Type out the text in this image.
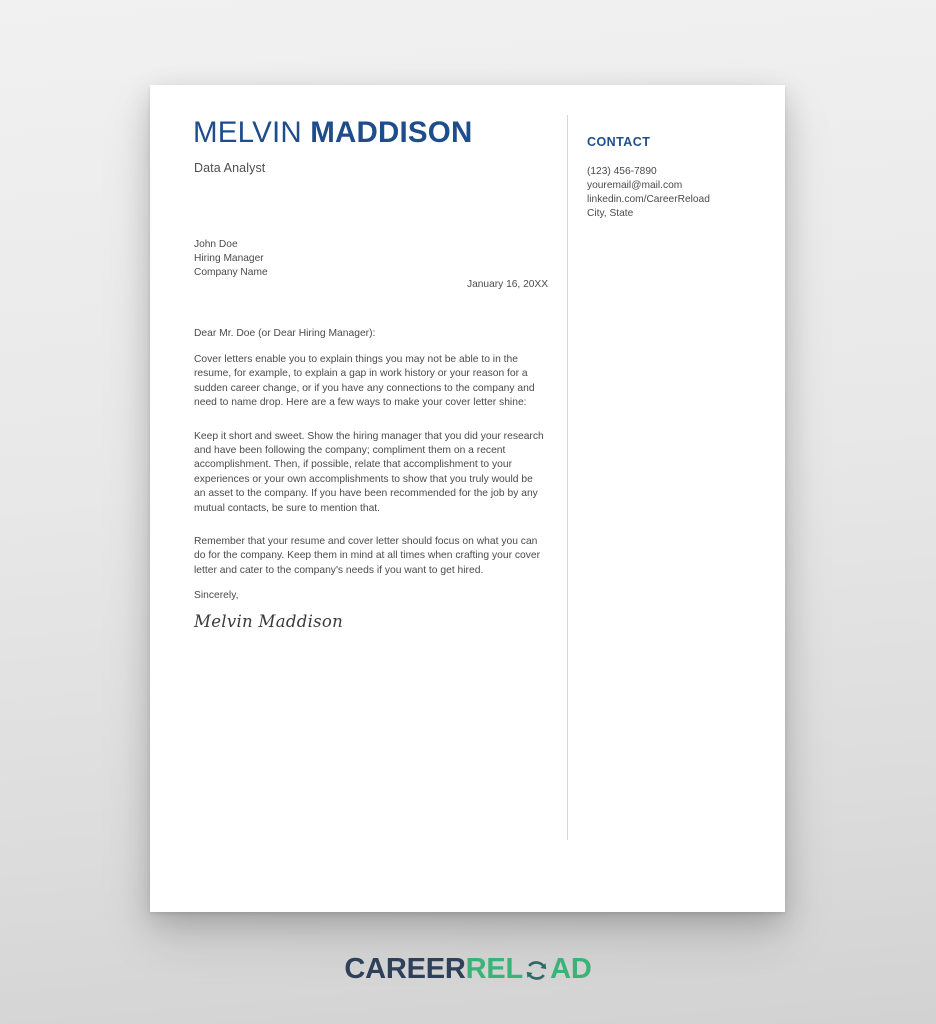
MELVIN MADDISON
Data Analyst
CONTACT
(123) 456-7890
youremail@mail.com
linkedin.com/CareerReload
City, State
John Doe
Hiring Manager
Company Name
January 16, 20XX
Dear Mr. Doe (or Dear Hiring Manager):

Cover letters enable you to explain things you may not be able to in the resume, for example, to explain a gap in work history or your reason for a sudden career change, or if you have any connections to the company and need to name drop. Here are a few ways to make your cover letter shine:

Keep it short and sweet. Show the hiring manager that you did your research and have been following the company; compliment them on a recent accomplishment. Then, if possible, relate that accomplishment to your experiences or your own accomplishments to show that you truly would be an asset to the company. If you have been recommended for the job by any mutual contacts, be sure to mention that.

Remember that your resume and cover letter should focus on what you can do for the company. Keep them in mind at all times when crafting your cover letter and cater to the company's needs if you want to get hired.

Sincerely,
Melvin Maddison
CAREER REL AD
